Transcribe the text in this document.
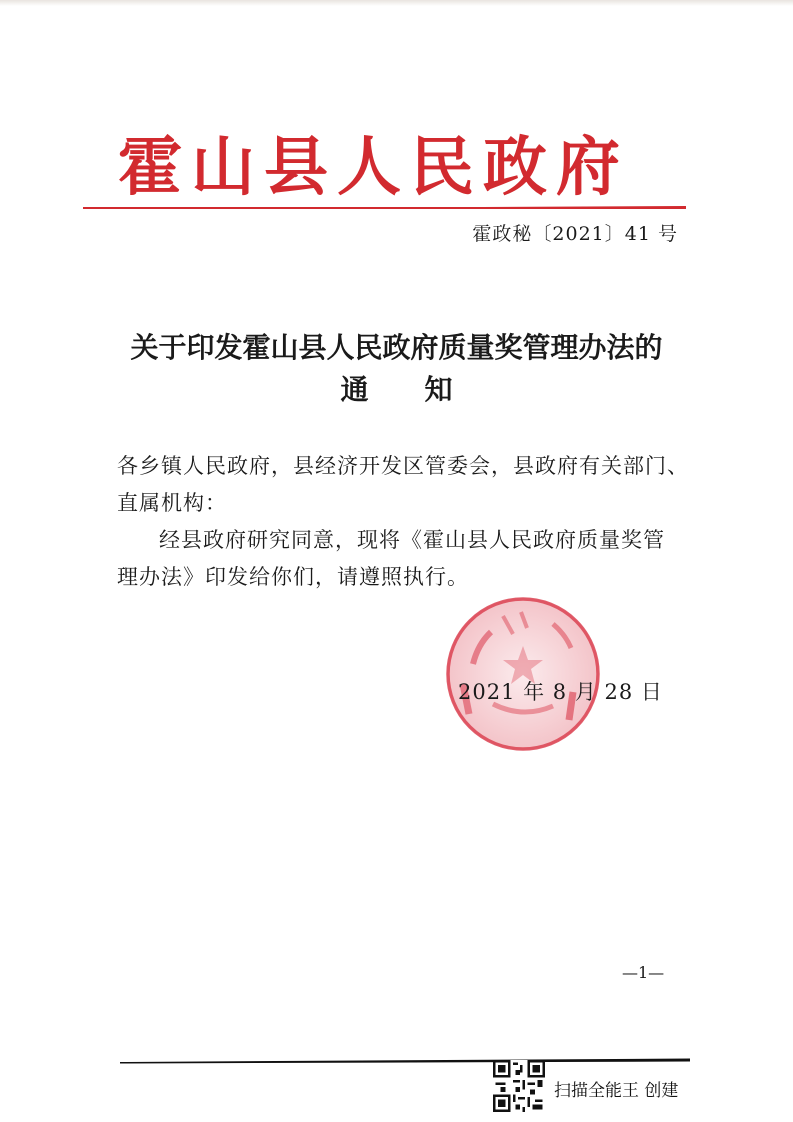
霍山县人民政府
霍政秘〔2021〕41 号
关于印发霍山县人民政府质量奖管理办法的
通　　知
各乡镇人民政府，县经济开发区管委会，县政府有关部门、直属机构：
经县政府研究同意，现将《霍山县人民政府质量奖管理办法》印发给你们，请遵照执行。
2021 年 8 月 28 日
—1—
扫描全能王 创建
